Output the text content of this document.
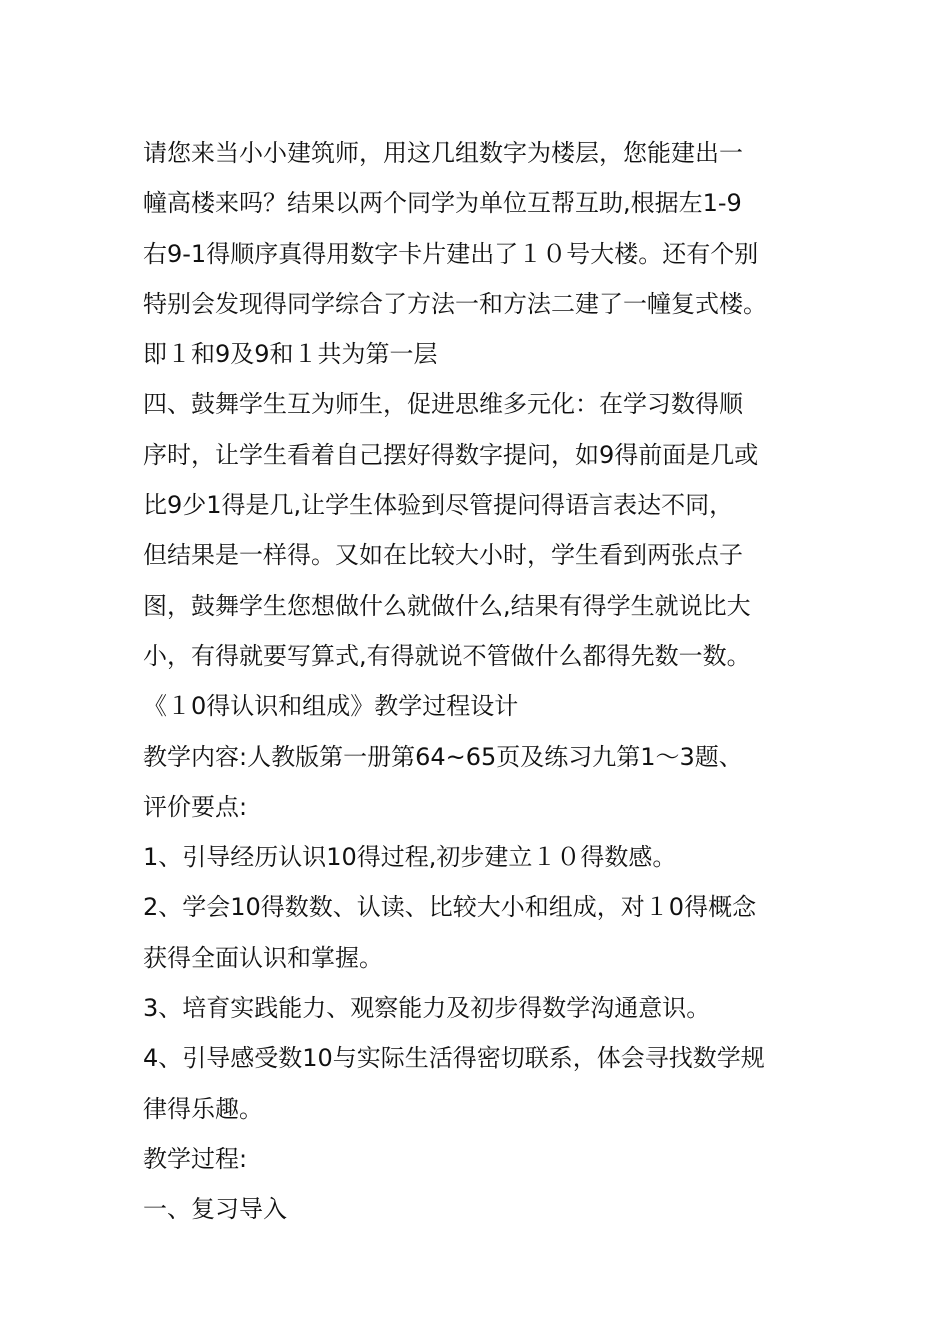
请您来当小小建筑师，用这几组数字为楼层，您能建出一
幢高楼来吗？结果以两个同学为单位互帮互助,根据左1-9
右9-1得顺序真得用数字卡片建出了１０号大楼。还有个别
特别会发现得同学综合了方法一和方法二建了一幢复式楼。
即１和9及9和１共为第一层
四、鼓舞学生互为师生，促进思维多元化：在学习数得顺
序时，让学生看着自己摆好得数字提问，如9得前面是几或
比9少1得是几,让学生体验到尽管提问得语言表达不同，
但结果是一样得。又如在比较大小时，学生看到两张点子
图，鼓舞学生您想做什么就做什么,结果有得学生就说比大
小，有得就要写算式,有得就说不管做什么都得先数一数。
《１0得认识和组成》教学过程设计
教学内容:人教版第一册第64~65页及练习九第1～3题、
评价要点:
1、引导经历认识10得过程,初步建立１０得数感。
2、学会10得数数、认读、比较大小和组成，对１0得概念
获得全面认识和掌握。
3、培育实践能力、观察能力及初步得数学沟通意识。
4、引导感受数10与实际生活得密切联系，体会寻找数学规
律得乐趣。
教学过程:
一、复习导入
